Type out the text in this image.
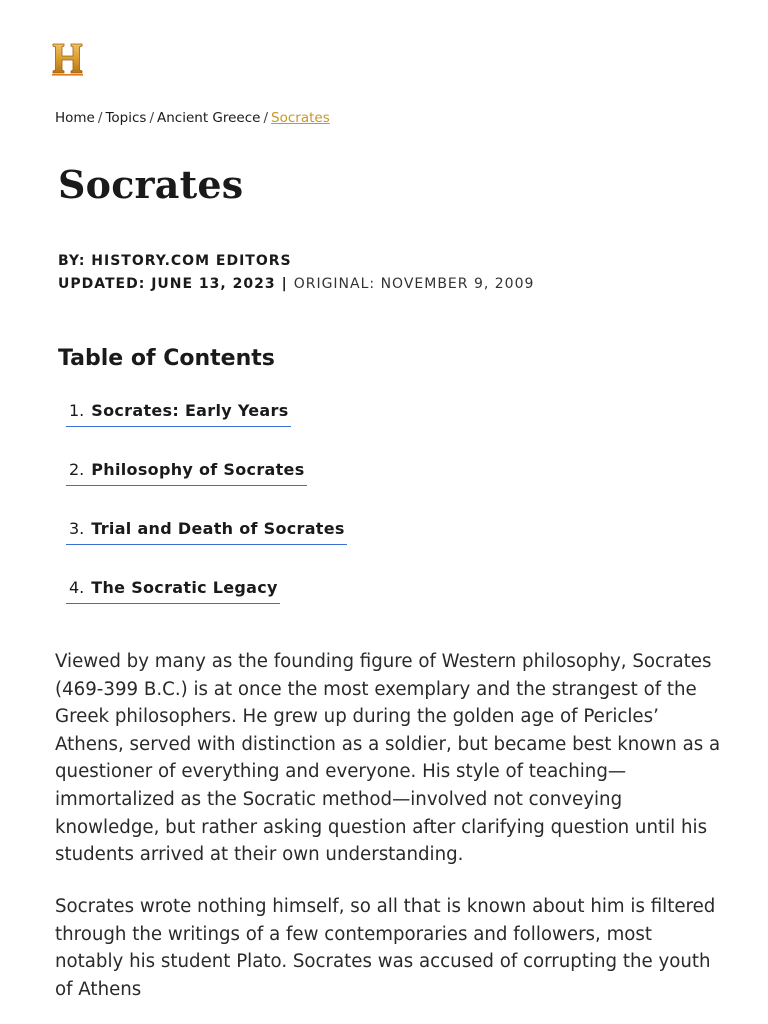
Home / Topics / Ancient Greece / Socrates
Socrates
BY: HISTORY.COM EDITORS
UPDATED: JUNE 13, 2023 | ORIGINAL: NOVEMBER 9, 2009
Table of Contents
1. Socrates: Early Years
2. Philosophy of Socrates
3. Trial and Death of Socrates
4. The Socratic Legacy

Viewed by many as the founding figure of Western philosophy, Socrates (469-399 B.C.) is at once the most exemplary and the strangest of the Greek philosophers. He grew up during the golden age of Pericles’ Athens, served with distinction as a soldier, but became best known as a questioner of everything and everyone. His style of teaching—immortalized as the Socratic method—involved not conveying knowledge, but rather asking question after clarifying question until his students arrived at their own understanding.

Socrates wrote nothing himself, so all that is known about him is filtered through the writings of a few contemporaries and followers, most notably his student Plato. Socrates was accused of corrupting the youth of Athens
